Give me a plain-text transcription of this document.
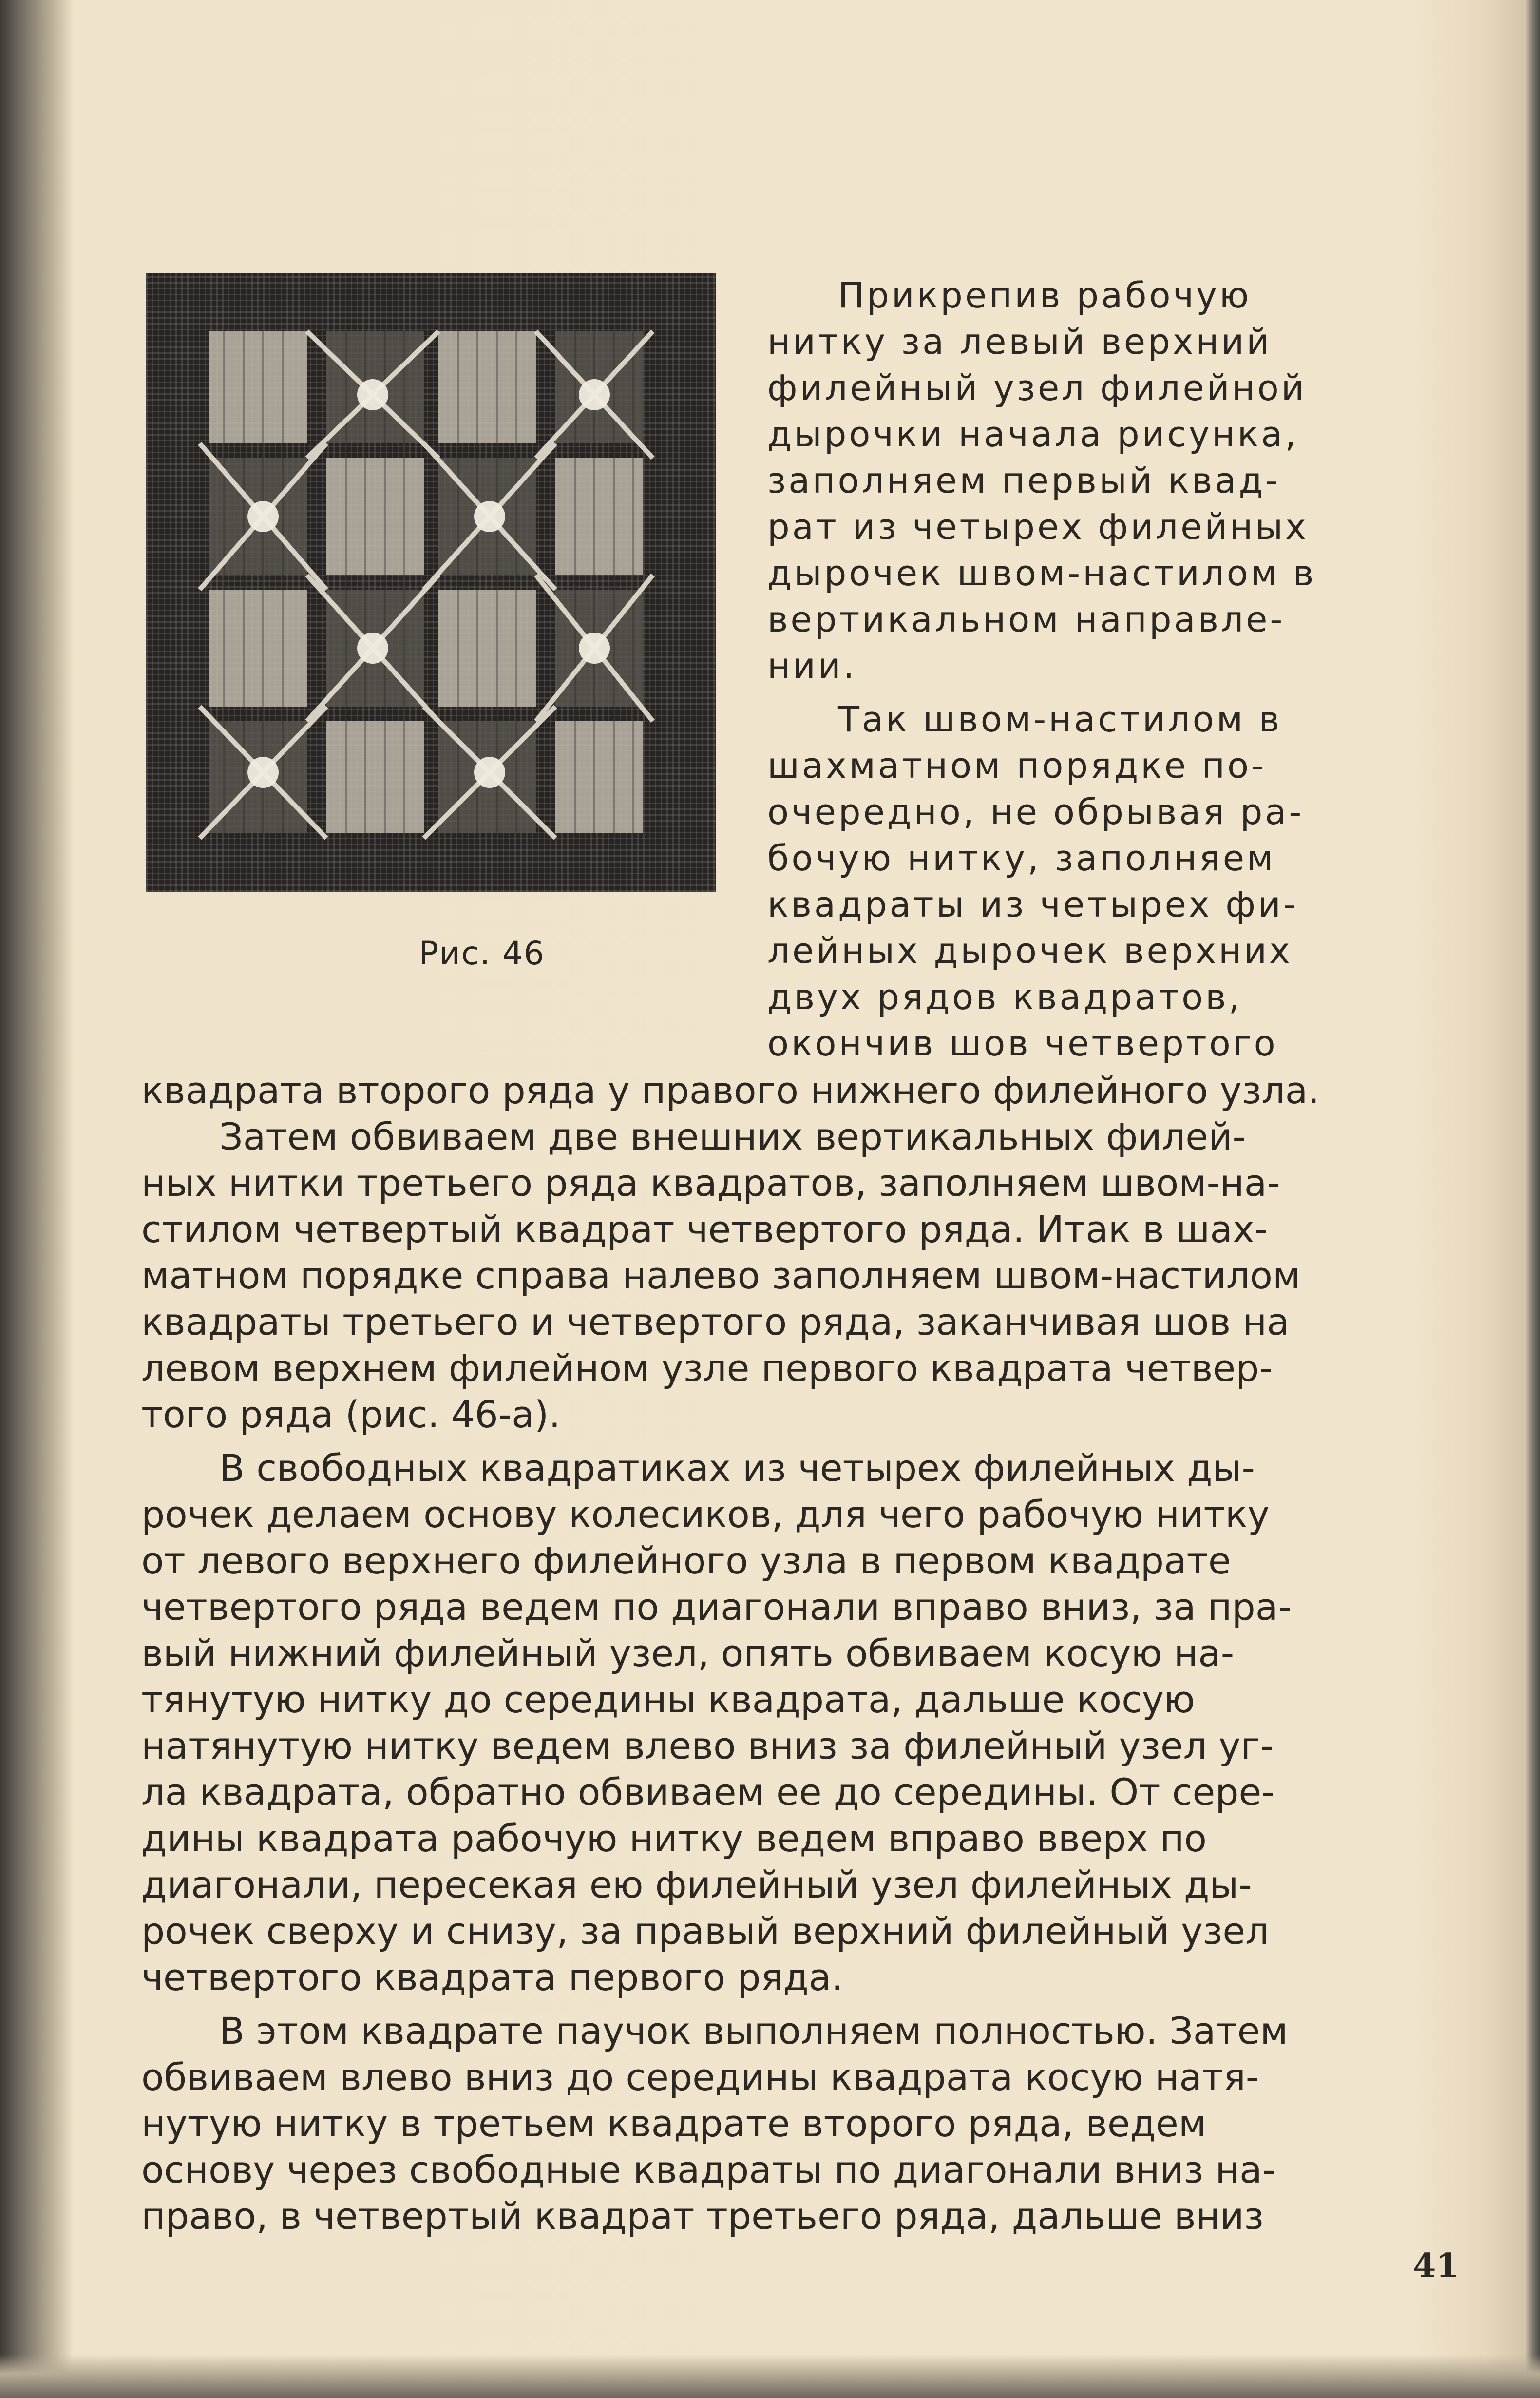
Рис. 46
Прикрепив рабочую
нитку за левый верхний
филейный узел филейной
дырочки начала рисунка,
заполняем первый квад-
рат из четырех филейных
дырочек швом-настилом в
вертикальном направле-
нии.
Так швом-настилом в
шахматном порядке по-
очередно, не обрывая ра-
бочую нитку, заполняем
квадраты из четырех фи-
лейных дырочек верхних
двух рядов квадратов,
окончив шов четвертого
квадрата второго ряда у правого нижнего филейного узла.
Затем обвиваем две внешних вертикальных филей-
ных нитки третьего ряда квадратов, заполняем швом-на-
стилом четвертый квадрат четвертого ряда. Итак в шах-
матном порядке справа налево заполняем швом-настилом
квадраты третьего и четвертого ряда, заканчивая шов на
левом верхнем филейном узле первого квадрата четвер-
того ряда (рис. 46-а).
В свободных квадратиках из четырех филейных ды-
рочек делаем основу колесиков, для чего рабочую нитку
от левого верхнего филейного узла в первом квадрате
четвертого ряда ведем по диагонали вправо вниз, за пра-
вый нижний филейный узел, опять обвиваем косую на-
тянутую нитку до середины квадрата, дальше косую
натянутую нитку ведем влево вниз за филейный узел уг-
ла квадрата, обратно обвиваем ее до середины. От сере-
дины квадрата рабочую нитку ведем вправо вверх по
диагонали, пересекая ею филейный узел филейных ды-
рочек сверху и снизу, за правый верхний филейный узел
четвертого квадрата первого ряда.
В этом квадрате паучок выполняем полностью. Затем
обвиваем влево вниз до середины квадрата косую натя-
нутую нитку в третьем квадрате второго ряда, ведем
основу через свободные квадраты по диагонали вниз на-
право, в четвертый квадрат третьего ряда, дальше вниз
41
